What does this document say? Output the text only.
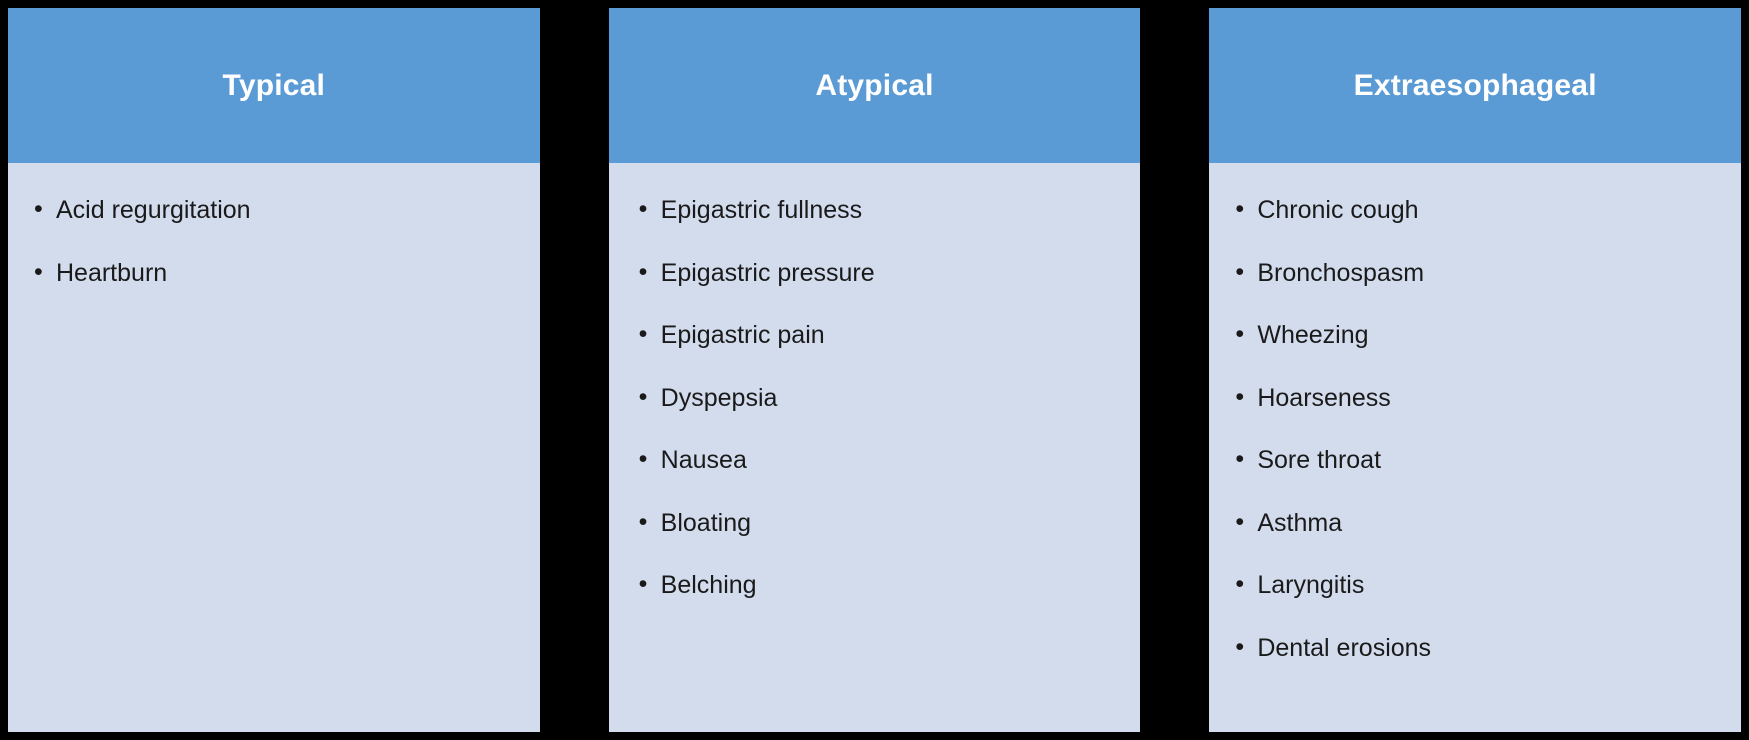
Typical
• Acid regurgitation
• Heartburn
Atypical
• Epigastric fullness
• Epigastric pressure
• Epigastric pain
• Dyspepsia
• Nausea
• Bloating
• Belching
Extraesophageal
• Chronic cough
• Bronchospasm
• Wheezing
• Hoarseness
• Sore throat
• Asthma
• Laryngitis
• Dental erosions
